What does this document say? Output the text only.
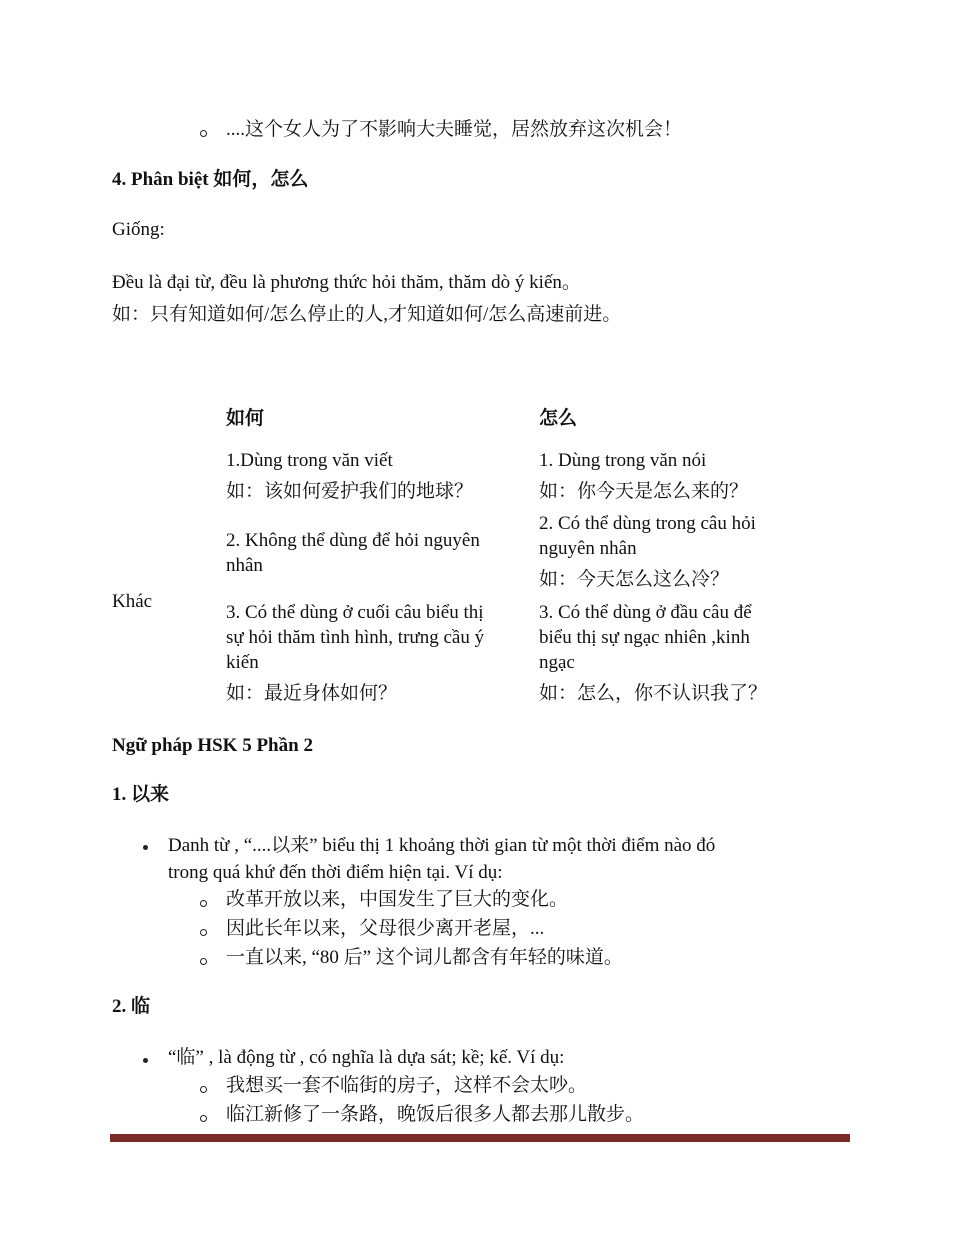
....这个女人为了不影响大夫睡觉，居然放弃这次机会！
4. Phân biệt 如何，怎么
Giống:
Đều là đại từ, đều là phương thức hỏi thăm, thăm dò ý kiến。
如：只有知道如何/怎么停止的人,才知道如何/怎么高速前进。
如何	怎么
Khác
1.Dùng trong văn viết
如：该如何爱护我们的地球？
1. Dùng trong văn nói
如：你今天是怎么来的？
2. Không thể dùng để hỏi nguyên
nhân
2. Có thể dùng trong câu hỏi
nguyên nhân
如：今天怎么这么冷？
3. Có thể dùng ở cuối câu biểu thị
sự hỏi thăm tình hình, trưng cầu ý
kiến
如：最近身体如何？
3. Có thể dùng ở đầu câu để
biểu thị sự ngạc nhiên ,kinh
ngạc
如：怎么，你不认识我了？
Ngữ pháp HSK 5 Phần 2
1. 以来
Danh từ , “....以来” biểu thị 1 khoảng thời gian từ một thời điểm nào đó
trong quá khứ đến thời điểm hiện tại. Ví dụ:
改革开放以来，中国发生了巨大的变化。
因此长年以来，父母很少离开老屋，...
一直以来, “80 后” 这个词儿都含有年轻的味道。
2. 临
“临” , là động từ , có nghĩa là dựa sát; kề; kế. Ví dụ:
我想买一套不临街的房子，这样不会太吵。
临江新修了一条路，晚饭后很多人都去那儿散步。
